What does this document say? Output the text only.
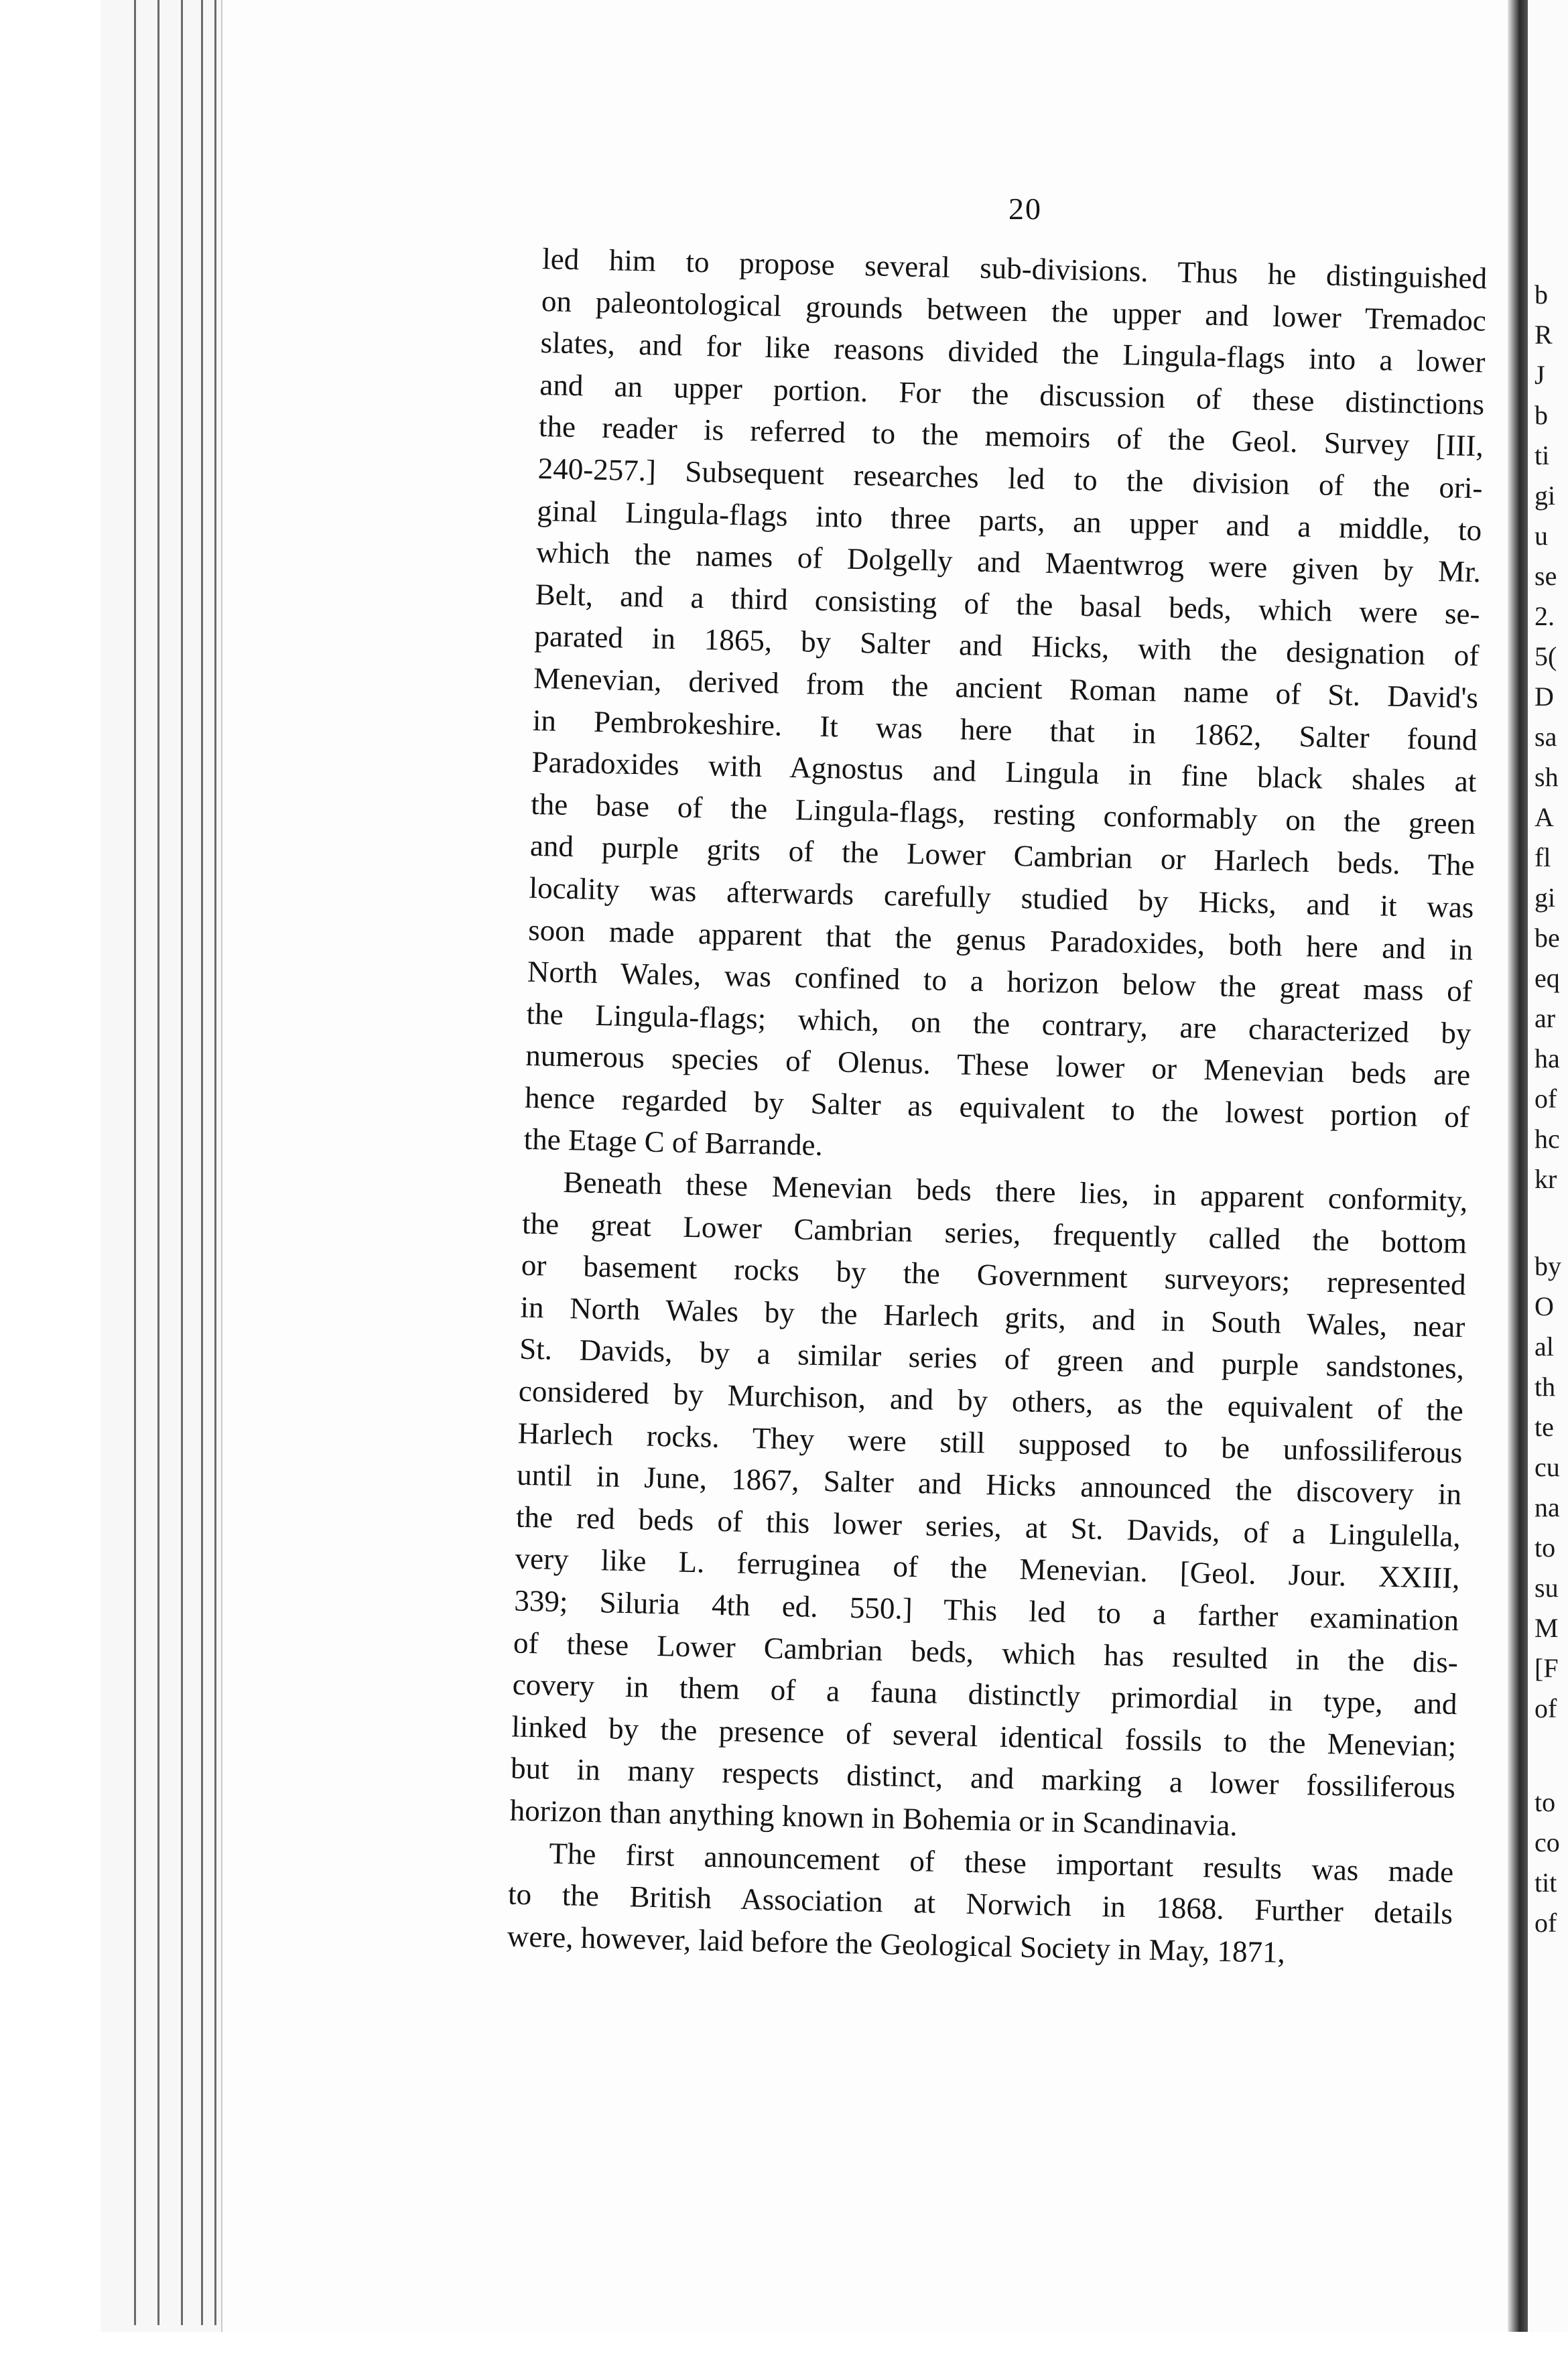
20
led him to propose several sub-divisions. Thus he distinguished
on paleontological grounds between the upper and lower Tremadoc
slates, and for like reasons divided the Lingula-flags into a lower
and an upper portion. For the discussion of these distinctions
the reader is referred to the memoirs of the Geol. Survey [III,
240-257.] Subsequent researches led to the division of the ori-
ginal Lingula-flags into three parts, an upper and a middle, to
which the names of Dolgelly and Maentwrog were given by Mr.
Belt, and a third consisting of the basal beds, which were se-
parated in 1865, by Salter and Hicks, with the designation of
Menevian, derived from the ancient Roman name of St. David's
in Pembrokeshire. It was here that in 1862, Salter found
Paradoxides with Agnostus and Lingula in fine black shales at
the base of the Lingula-flags, resting conformably on the green
and purple grits of the Lower Cambrian or Harlech beds. The
locality was afterwards carefully studied by Hicks, and it was
soon made apparent that the genus Paradoxides, both here and in
North Wales, was confined to a horizon below the great mass of
the Lingula-flags; which, on the contrary, are characterized by
numerous species of Olenus. These lower or Menevian beds are
hence regarded by Salter as equivalent to the lowest portion of
the Etage C of Barrande.
Beneath these Menevian beds there lies, in apparent conformity,
the great Lower Cambrian series, frequently called the bottom
or basement rocks by the Government surveyors; represented
in North Wales by the Harlech grits, and in South Wales, near
St. Davids, by a similar series of green and purple sandstones,
considered by Murchison, and by others, as the equivalent of the
Harlech rocks. They were still supposed to be unfossiliferous
until in June, 1867, Salter and Hicks announced the discovery in
the red beds of this lower series, at St. Davids, of a Lingulella,
very like L. ferruginea of the Menevian. [Geol. Jour. XXIII,
339; Siluria 4th ed. 550.] This led to a farther examination
of these Lower Cambrian beds, which has resulted in the dis-
covery in them of a fauna distinctly primordial in type, and
linked by the presence of several identical fossils to the Menevian;
but in many respects distinct, and marking a lower fossiliferous
horizon than anything known in Bohemia or in Scandinavia.
The first announcement of these important results was made
to the British Association at Norwich in 1868. Further details
were, however, laid before the Geological Society in May, 1871,
b
R
J
b
ti
gi
u
se
2.
5(
D
sa
sh
A
fl
gi
be
eq
ar
ha
of
hc
kr
by
O
al
th
te
cu
na
to
su
M
[F
of
to
co
tit
of
